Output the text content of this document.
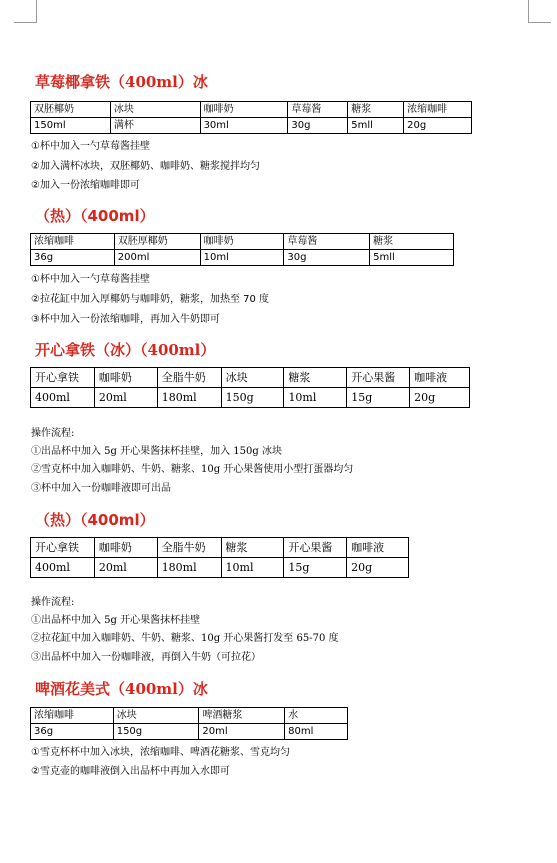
草莓椰拿铁（400ml）冰
双胚椰奶	冰块	咖啡奶	草莓酱	糖浆	浓缩咖啡
150ml	满杯	30ml	30g	5mll	20g
①杯中加入一勺草莓酱挂壁
②加入满杯冰块，双胚椰奶、咖啡奶、糖浆搅拌均匀
②加入一份浓缩咖啡即可
（热）（400ml）
浓缩咖啡	双胚厚椰奶	咖啡奶	草莓酱	糖浆
36g	200ml	10ml	30g	5mll
①杯中加入一勺草莓酱挂壁
②拉花缸中加入厚椰奶与咖啡奶，糖浆，加热至 70 度
③杯中加入一份浓缩咖啡，再加入牛奶即可
开心拿铁（冰）（400ml）
开心拿铁	咖啡奶	全脂牛奶	冰块	糖浆	开心果酱	咖啡液
400ml	20ml	180ml	150g	10ml	15g	20g
操作流程:
①出品杯中加入 5g 开心果酱抹杯挂壁，加入 150g 冰块
②雪克杯中加入咖啡奶、牛奶、糖浆、10g 开心果酱使用小型打蛋器均匀
③杯中加入一份咖啡液即可出品
（热）（400ml）
开心拿铁	咖啡奶	全脂牛奶	糖浆	开心果酱	咖啡液
400ml	20ml	180ml	10ml	15g	20g
操作流程:
①出品杯中加入 5g 开心果酱抹杯挂壁
②拉花缸中加入咖啡奶、牛奶、糖浆、10g 开心果酱打发至 65-70 度
③出品杯中加入一份咖啡液，再倒入牛奶（可拉花）
啤酒花美式（400ml）冰
浓缩咖啡	冰块	啤酒糖浆	水
36g	150g	20ml	80ml
①雪克杯杯中加入冰块，浓缩咖啡、啤酒花糖浆、雪克均匀
②雪克壶的咖啡液倒入出品杯中再加入水即可
